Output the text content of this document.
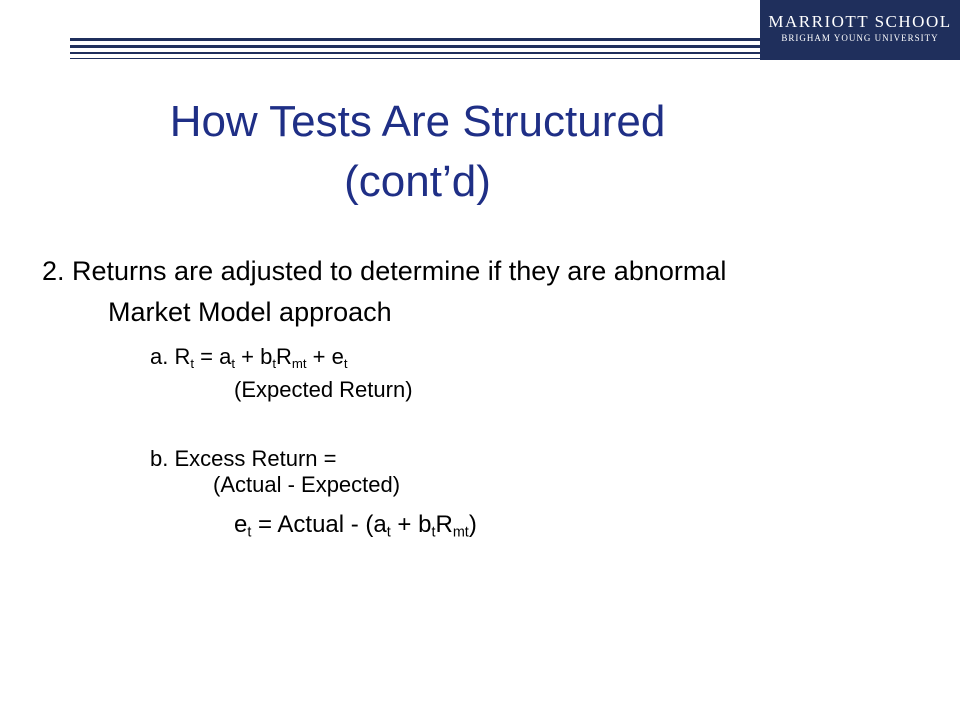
MARRIOTT SCHOOL
BRIGHAM YOUNG UNIVERSITY
How Tests Are Structured
(cont’d)
2. Returns are adjusted to determine if they are abnormal
Market Model approach
a. $R_t = a_t + b_tR_{mt} + e_t$
(Expected Return)
b. Excess Return =
(Actual - Expected)
$e_t$ = Actual - $(a_t + b_tR_{mt})$
